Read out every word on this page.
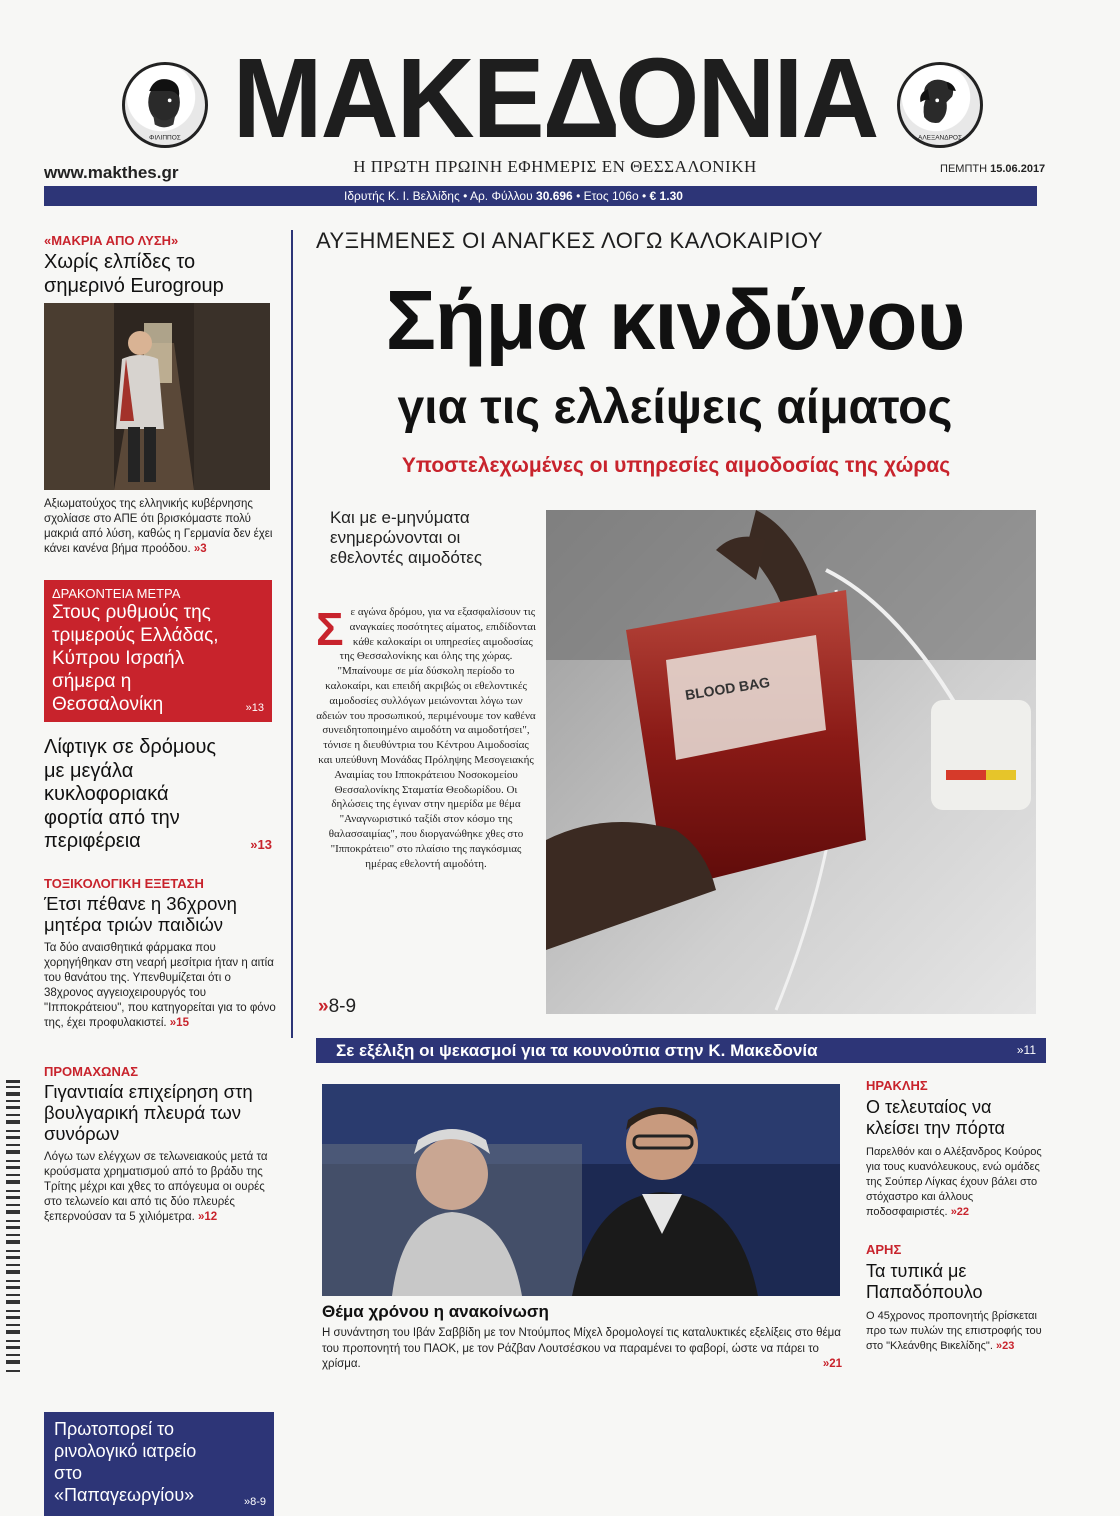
ΦΙΛΙΠΠΟΣ ΜΑΚΕΔΟΝΙΑ	ΑΛΕΞΑΝΔΡΟΣ
www.makthes.gr	Η ΠΡΩΤΗ ΠΡΩΙΝΗ ΕΦΗΜΕΡΙΣ ΕΝ ΘΕΣΣΑΛΟΝΙΚΗ	ΠΕΜΠΤΗ 15.06.2017
Ιδρυτής Κ. Ι. Βελλίδης • Αρ. Φύλλου 30.696 • Ετος 106ο • € 1.30
«ΜΑΚΡΙΑ ΑΠΟ ΛΥΣΗ»
Χωρίς ελπίδες το σημερινό Eurogroup
Αξιωματούχος της ελληνικής κυβέρνησης σχολίασε στο ΑΠΕ ότι βρισκόμαστε πολύ μακριά από λύση, καθώς η Γερμανία δεν έχει κάνει κανένα βήμα προόδου. »3
ΔΡΑΚΟΝΤΕΙΑ ΜΕΤΡΑ
Στους ρυθμούς της τριμερούς Ελλάδας, Κύπρου Ισραήλ σήμερα η Θεσσαλονίκη	»13
Λίφτιγκ σε δρόμους με μεγάλα κυκλοφοριακά φορτία από την περιφέρεια	»13
ΤΟΞΙΚΟΛΟΓΙΚΗ ΕΞΕΤΑΣΗ
Έτσι πέθανε η 36χρονη μητέρα τριών παιδιών
Τα δύο αναισθητικά φάρμακα που χορηγήθηκαν στη νεαρή μεσίτρια ήταν η αιτία του θανάτου της. Υπενθυμίζεται ότι ο 38χρονος αγγειοχειρουργός του "Ιπποκράτειου", που κατηγορείται για το φόνο της, έχει προφυλακιστεί. »15
ΠΡΟΜΑΧΩΝΑΣ
Γιγαντιαία επιχείρηση στη βουλγαρική πλευρά των συνόρων
Λόγω των ελέγχων σε τελωνειακούς μετά τα κρούσματα χρηματισμού από το βράδυ της Τρίτης μέχρι και χθες το απόγευμα οι ουρές στο τελωνείο και από τις δύο πλευρές ξεπερνούσαν τα 5 χιλιόμετρα. »12
Πρωτοπορεί το ρινολογικό ιατρείο στο «Παπαγεωργίου»	»8-9
ΑΥΞΗΜΕΝΕΣ ΟΙ ΑΝΑΓΚΕΣ ΛΟΓΩ ΚΑΛΟΚΑΙΡΙΟΥ
Σήμα κινδύνου
για τις ελλείψεις αίματος
Υποστελεχωμένες οι υπηρεσίες αιμοδοσίας της χώρας
Και με e-μηνύματα ενημερώνονται οι εθελοντές αιμοδότες
Σ ε αγώνα δρόμου, για να εξασφαλίσουν τις αναγκαίες ποσότητες αίματος, επιδίδονται κάθε καλοκαίρι οι υπηρεσίες αιμοδοσίας της Θεσσαλονίκης και όλης της χώρας.

"Μπαίνουμε σε μία δύσκολη περίοδο το καλοκαίρι, και επειδή ακριβώς οι εθελοντικές αιμοδοσίες συλλόγων μειώνονται λόγω των αδειών του προσωπικού, περιμένουμε τον καθένα συνειδητοποιημένο αιμοδότη να αιμοδοτήσει", τόνισε η διευθύντρια του Κέντρου Αιμοδοσίας και υπεύθυνη Μονάδας Πρόληψης Μεσογειακής Αναιμίας του Ιπποκράτειου Νοσοκομείου Θεσσαλονίκης Σταματία Θεοδωρίδου. Οι δηλώσεις της έγιναν στην ημερίδα με θέμα "Αναγνωριστικό ταξίδι στον κόσμο της θαλασσαιμίας", που διοργανώθηκε χθες στο "Ιπποκράτειο" στο πλαίσιο της παγκόσμιας ημέρας εθελοντή αιμοδότη.

»8-9
BLOOD BAG
Σε εξέλιξη οι ψεκασμοί για τα κουνούπια στην Κ. Μακεδονία	»11
Θέμα χρόνου η ανακοίνωση
Η συνάντηση του Ιβάν Σαββίδη με τον Ντούμπος Μίχελ δρομολογεί τις καταλυκτικές εξελίξεις στο θέμα του προπονητή του ΠΑΟΚ, με τον Ράζβαν Λουτσέσκου να παραμένει το φαβορί, ώστε να πάρει το χρίσμα.	»21
ΗΡΑΚΛΗΣ
Ο τελευταίος να κλείσει την πόρτα
Παρελθόν και ο Αλέξανδρος Κούρος για τους κυανόλευκους, ενώ ομάδες της Σούπερ Λίγκας έχουν βάλει στο στόχαστρο και άλλους ποδοσφαιριστές. »22
ΑΡΗΣ
Τα τυπικά με Παπαδόπουλο
Ο 45χρονος προπονητής βρίσκεται προ των πυλών της επιστροφής του στο "Κλεάνθης Βικελίδης". »23
